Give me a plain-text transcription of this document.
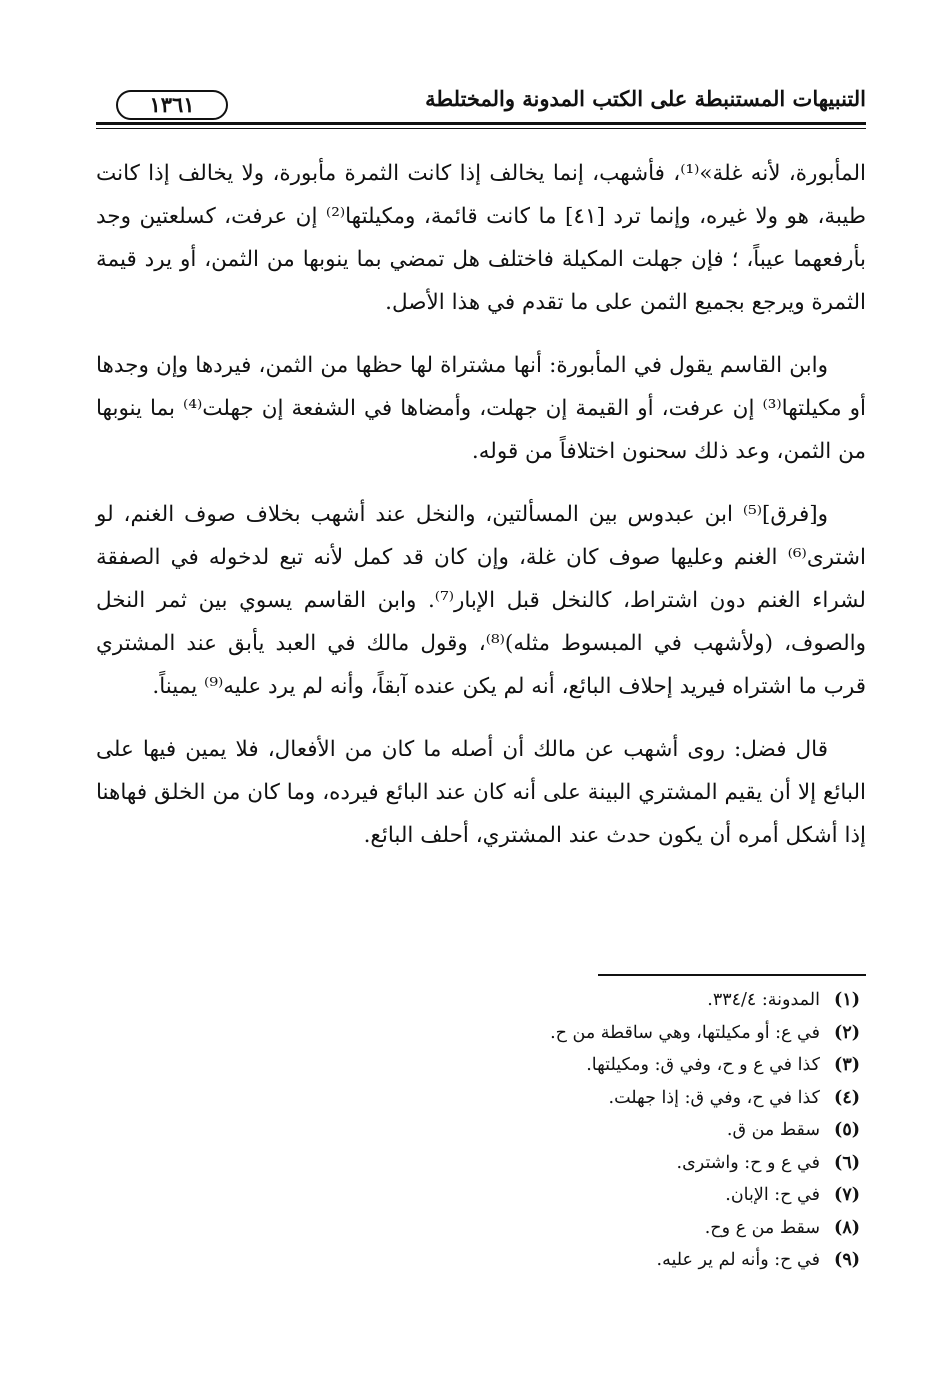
التنبيهات المستنبطة على الكتب المدونة والمختلطة
١٣٦١

المأبورة، لأنه غلة»⁽¹⁾، فأشهب، إنما يخالف إذا كانت الثمرة مأبورة، ولا يخالف إذا كانت طيبة، هو ولا غيره، وإنما ترد [٤١] ما كانت قائمة، ومكيلتها⁽²⁾ إن عرفت، كسلعتين وجد بأرفعهما عيباً، ؛ فإن جهلت المكيلة فاختلف هل تمضي بما ينوبها من الثمن، أو يرد قيمة الثمرة ويرجع بجميع الثمن على ما تقدم في هذا الأصل.

وابن القاسم يقول في المأبورة: أنها مشتراة لها حظها من الثمن، فيردها وإن وجدها أو مكيلتها⁽³⁾ إن عرفت، أو القيمة إن جهلت، وأمضاها في الشفعة إن جهلت⁽⁴⁾ بما ينوبها من الثمن، وعد ذلك سحنون اختلافاً من قوله.

و[فرق]⁽⁵⁾ ابن عبدوس بين المسألتين، والنخل عند أشهب بخلاف صوف الغنم، لو اشترى⁽⁶⁾ الغنم وعليها صوف كان غلة، وإن كان قد كمل لأنه تبع لدخوله في الصفقة لشراء الغنم دون اشتراط، كالنخل قبل الإبار⁽⁷⁾. وابن القاسم يسوي بين ثمر النخل والصوف، (ولأشهب في المبسوط مثله)⁽⁸⁾، وقول مالك في العبد يأبق عند المشتري قرب ما اشتراه فيريد إحلاف البائع، أنه لم يكن عنده آبقاً، وأنه لم يرد عليه⁽⁹⁾ يميناً.

قال فضل: روى أشهب عن مالك أن أصله ما كان من الأفعال، فلا يمين فيها على البائع إلا أن يقيم المشتري البينة على أنه كان عند البائع فيرده، وما كان من الخلق فهاهنا إذا أشكل أمره أن يكون حدث عند المشتري، أحلف البائع.

(١)المدونة: ٣٣٤/٤.
(٢)في ع: أو مكيلتها، وهي ساقطة من ح.
(٣)كذا في ع و ح، وفي ق: ومكيلتها.
(٤)كذا في ح، وفي ق: إذا جهلت.
(٥)سقط من ق.
(٦)في ع و ح: واشترى.
(٧)في ح: الإبان.
(٨)سقط من ع وح.
(٩)في ح: وأنه لم ير عليه.
